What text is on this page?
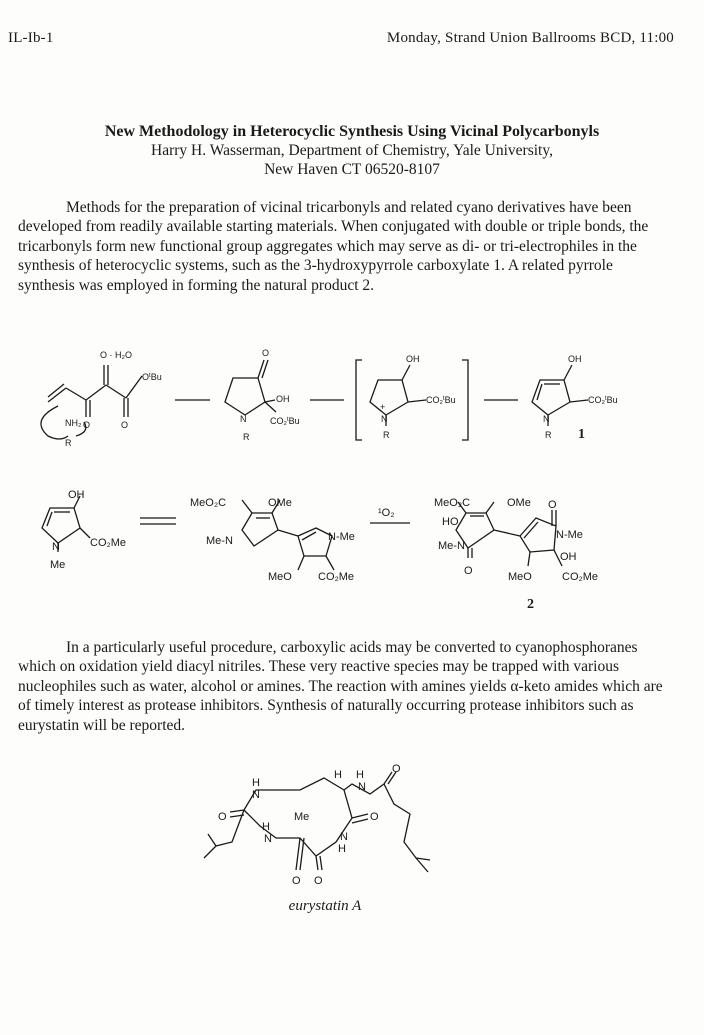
IL-Ib-1	Monday, Strand Union Ballrooms BCD, 11:00

New Methodology in Heterocyclic Synthesis Using Vicinal Polycarbonyls

Harry H. Wasserman, Department of Chemistry, Yale University,

New Haven CT 06520-8107

Methods for the preparation of vicinal tricarbonyls and related cyano derivatives have been developed from readily available starting materials. When conjugated with double or triple bonds, the tricarbonyls form new functional group aggregates which may serve as di- or tri-electrophiles in the synthesis of heterocyclic systems, such as the 3-hydroxypyrrole carboxylate 1. A related pyrrole synthesis was employed in forming the natural product 2.

O · H₂O
$O^tBu$
O	O
NH₂
R
O
OH
N	CO₂$^t$Bu
R
OH
+
N
CO₂$^t$Bu
R
OH
N
CO₂$^t$Bu
R 1
OH
CO₂Me
N
Me
MeO₂C	OMe
Me-N	N-Me
MeO CO₂Me
¹O₂
MeO₂C	OMe O
HO
Me-N
N-Me
OH
O	MeO	CO₂Me
2

In a particularly useful procedure, carboxylic acids may be converted to cyanophosphoranes which on oxidation yield diacyl nitriles. These very reactive species may be trapped with various nucleophiles such as water, alcohol or amines. The reaction with amines yields α-keto amides which are of timely interest as protease inhibitors. Synthesis of naturally occurring protease inhibitors such as eurystatin will be reported.

H H
N
O
H
N
O	O
Me
H
N	N
H
O O
eurystatin A
